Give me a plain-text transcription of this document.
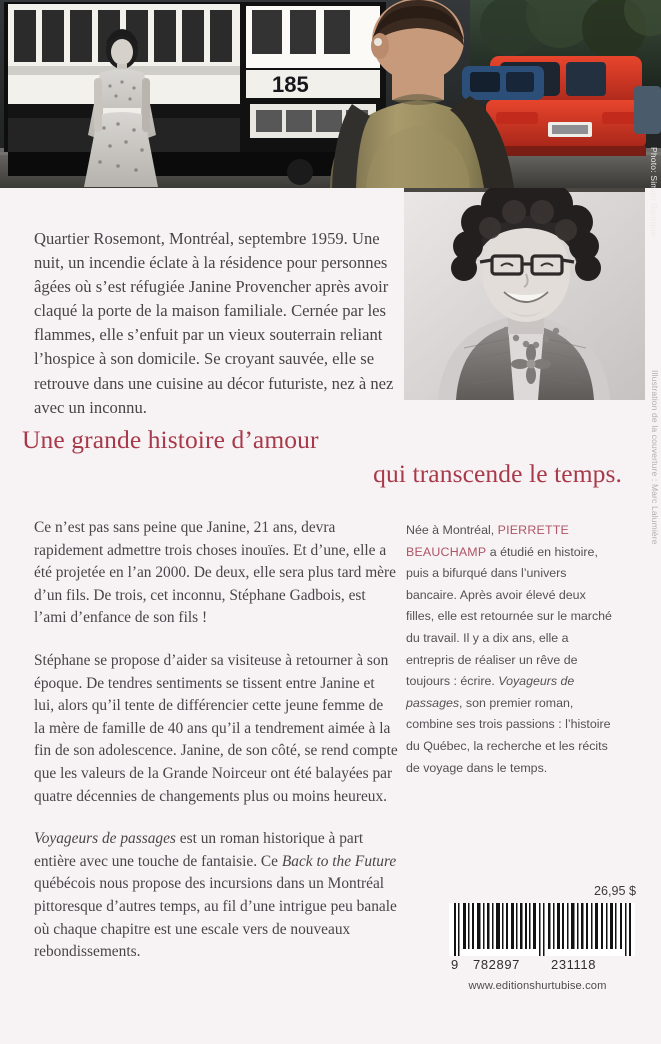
185
Photo: Simon Bourque
Illustration de la couverture : Marc Lalumière
Quartier Rosemont, Montréal, septembre 1959. Une nuit, un incendie éclate à la résidence pour personnes âgées où s’est réfugiée Janine Provencher après avoir claqué la porte de la maison familiale. Cernée par les flammes, elle s’enfuit par un vieux souterrain reliant l’hospice à son domicile. Se croyant sauvée, elle se retrouve dans une cuisine au décor futuriste, nez à nez avec un inconnu.
Une grande histoire d’amour
qui transcende le temps.

Ce n’est pas sans peine que Janine, 21 ans, devra rapidement admettre trois choses inouïes. Et d’une, elle a été projetée en l’an 2000. De deux, elle sera plus tard mère d’un fils. De trois, cet inconnu, Stéphane Gadbois, est l’ami d’enfance de son fils !

Stéphane se propose d’aider sa visiteuse à retourner à son époque. De tendres sentiments se tissent entre Janine et lui, alors qu’il tente de différencier cette jeune femme de la mère de famille de 40 ans qu’il a tendrement aimée à la fin de son adolescence. Janine, de son côté, se rend compte que les valeurs de la Grande Noirceur ont été balayées par quatre décennies de changements plus ou moins heureux.

Voyageurs de passages est un roman historique à part entière avec une touche de fantaisie. Ce Back to the Future québécois nous propose des incursions dans un Montréal pittoresque d’autres temps, au fil d’une intrigue peu banale où chaque chapitre est une escale vers de nouveaux rebondissements.

Née à Montréal, PIERRETTE BEAUCHAMP a étudié en histoire, puis a bifurqué dans l’univers bancaire. Après avoir élevé deux filles, elle est retournée sur le marché du travail. Il y a dix ans, elle a entrepris de réaliser un rêve de toujours : écrire. Voyageurs de passages, son premier roman, combine ses trois passions : l’histoire du Québec, la recherche et les récits de voyage dans le temps.
26,95 $
9 782897 231118
www.editionshurtubise.com
